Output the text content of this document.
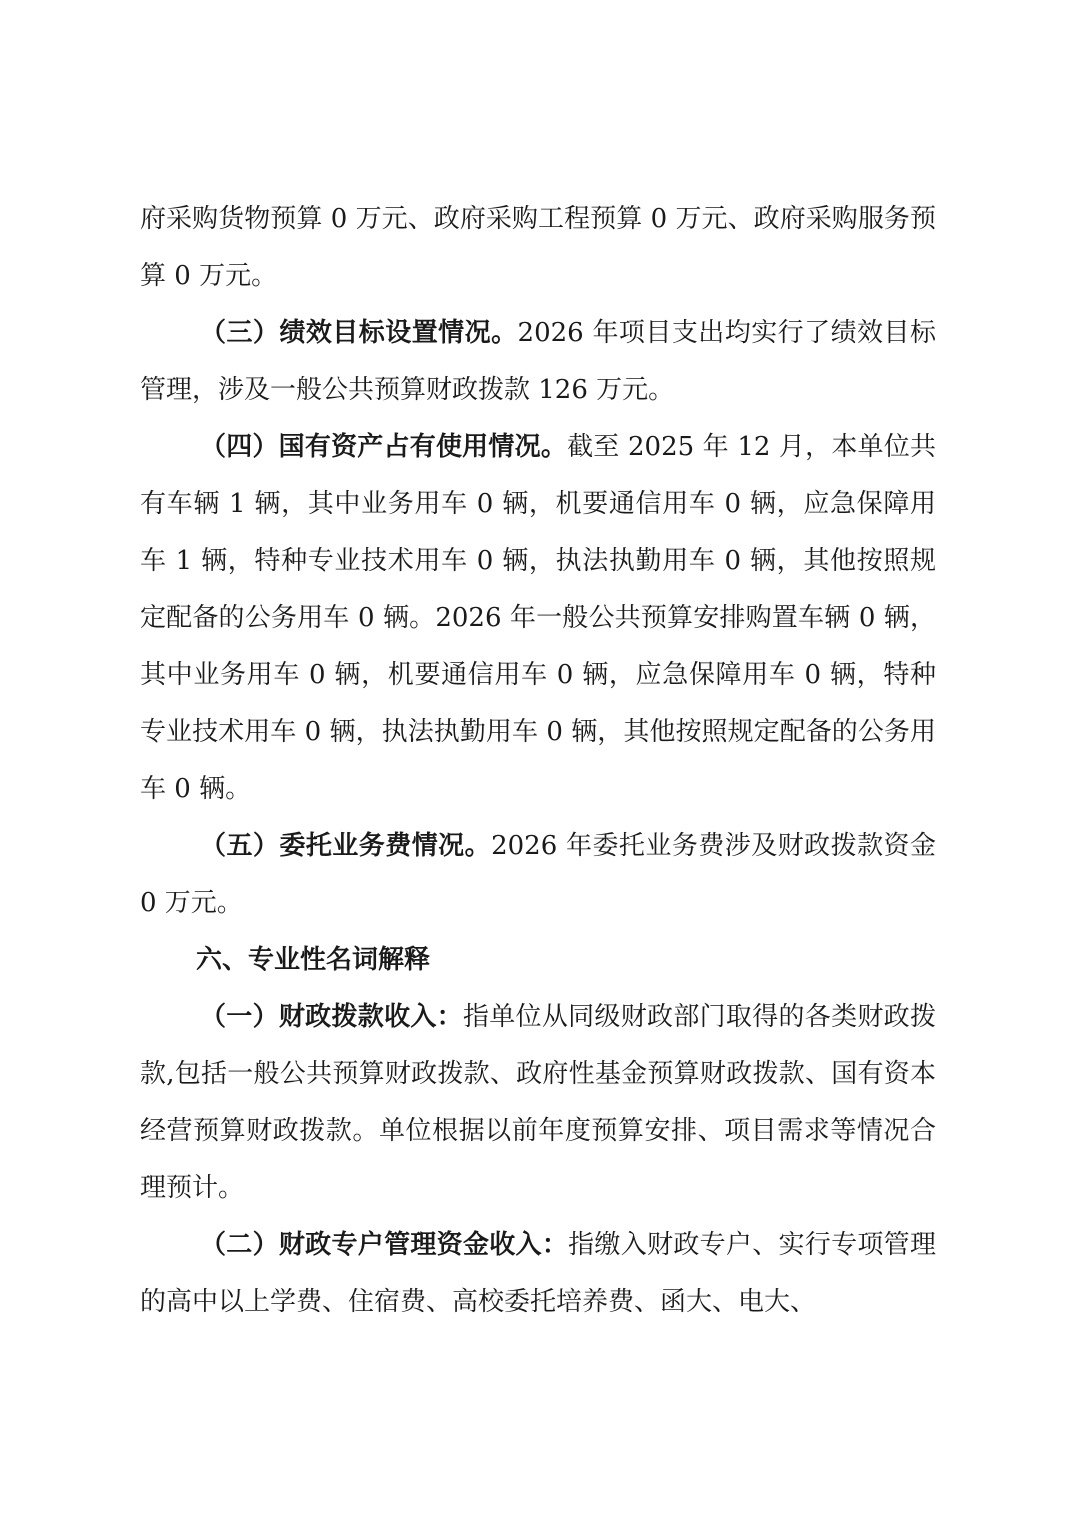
府采购货物预算 0 万元、政府采购工程预算 0 万元、政府采购服务预算 0 万元。

（三）绩效目标设置情况。2026 年项目支出均实行了绩效目标管理，涉及一般公共预算财政拨款 126 万元。

（四）国有资产占有使用情况。截至 2025 年 12 月，本单位共有车辆 1 辆，其中业务用车 0 辆，机要通信用车 0 辆，应急保障用车 1 辆，特种专业技术用车 0 辆，执法执勤用车 0 辆，其他按照规定配备的公务用车 0 辆。2026 年一般公共预算安排购置车辆 0 辆，其中业务用车 0 辆，机要通信用车 0 辆，应急保障用车 0 辆，特种专业技术用车 0 辆，执法执勤用车 0 辆，其他按照规定配备的公务用车 0 辆。

（五）委托业务费情况。2026 年委托业务费涉及财政拨款资金 0 万元。

六、专业性名词解释

（一）财政拨款收入：指单位从同级财政部门取得的各类财政拨款,包括一般公共预算财政拨款、政府性基金预算财政拨款、国有资本经营预算财政拨款。单位根据以前年度预算安排、项目需求等情况合理预计。

（二）财政专户管理资金收入：指缴入财政专户、实行专项管理的高中以上学费、住宿费、高校委托培养费、函大、电大、
